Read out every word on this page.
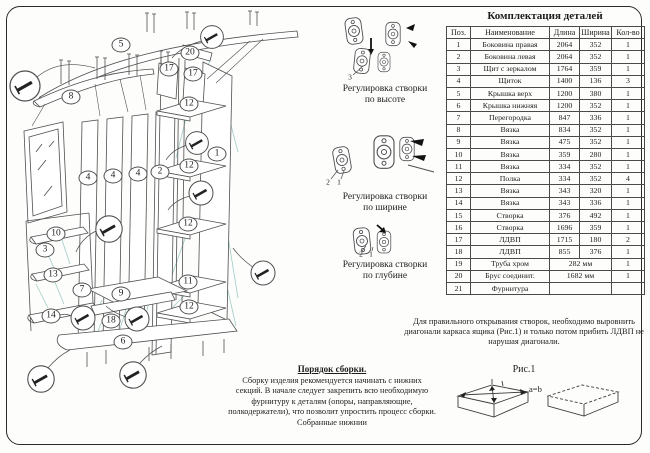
5
20
17	17
8
12
1
12
4	4	4	2
12
10
3
13
11
7	9
12
14	18
6
3
2 1
2 1
Регулировка створки
по высоте
Регулировка створки
по ширине
Регулировка створки
по глубине
Комплектация деталей
Поз.	Наименование	Длина	Ширина	Кол-во
1	Боковина правая	2064	352	1
2	Боковина левая	2064	352	1
3	Щит с зеркалом	1764	359	1
4	Щиток	1400	136	3
5	Крышка верх	1200	380	1
6	Крышка нижняя	1200	352	1
7	Перегородка	847	336	1
8	Вязка	834	352	1
9	Вязка	475	352	1
10	Вязка	359	280	1
11	Вязка	334	352	1
12	Полка	334	352	4
13	Вязка	343	320	1
14	Вязка	343	336	1
15	Створка	376	492	1
16	Створка	1696	359	1
17	ЛДВП	1715	180	2
18	ЛДВП	855	376	1
19	Труба хром	282 мм		1
20	Брус соединит.	1682 мм		1
21	Фурнитура			
Для правильного открывания створок, необходимо выровнить диагонали каркаса ящика (Рис.1) и только потом прибить ЛДВП не нарушая диагонали.
Рис.1
a=b
Порядок сборки.
Сборку изделия рекомендуется начинать с нижних секций. В начале следует закрепить всю необходимую фурнитуру к деталям (опоры, направляющие, полкодержатели), что позволит упростить процесс сборки. Собранные нижнии
